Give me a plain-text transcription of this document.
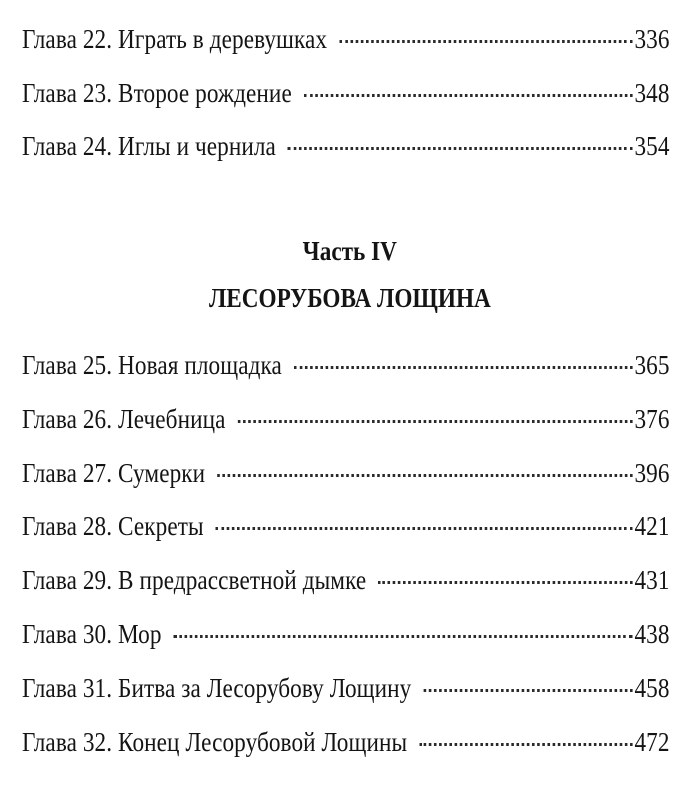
Глава 22. Играть в деревушках	336
Глава 23. Второе рождение	348
Глава 24. Иглы и чернила	354
Часть IV
ЛЕСОРУБОВА ЛОЩИНА
Глава 25. Новая площадка	365
Глава 26. Лечебница	376
Глава 27. Сумерки	396
Глава 28. Секреты	421
Глава 29. В предрассветной дымке	431
Глава 30. Мор	438
Глава 31. Битва за Лесорубову Лощину	458
Глава 32. Конец Лесорубовой Лощины	472
